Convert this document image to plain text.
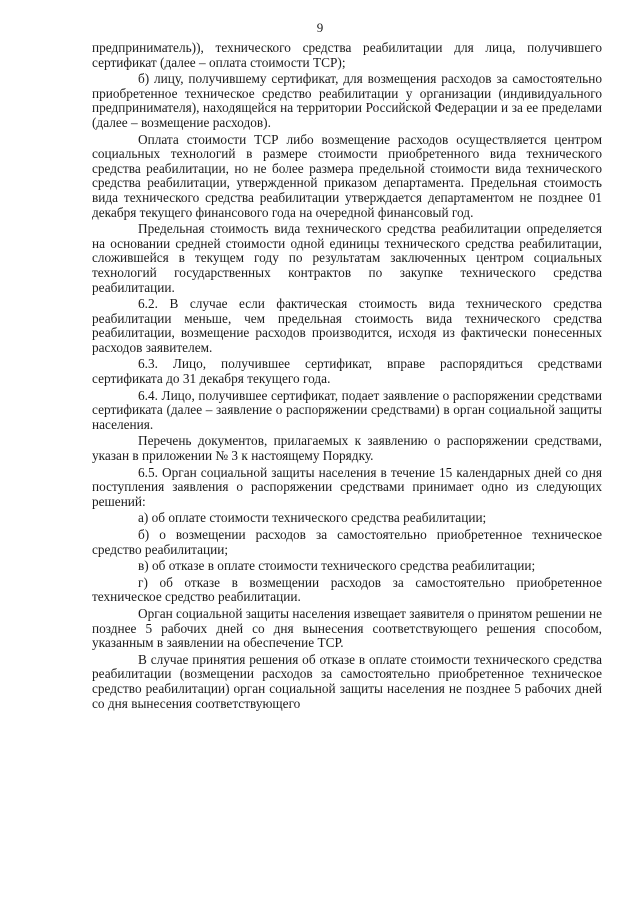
9

предприниматель)), технического средства реабилитации для лица, получившего сертификат (далее – оплата стоимости ТСР);

б) лицу, получившему сертификат, для возмещения расходов за самостоятельно приобретенное техническое средство реабилитации у организации (индивидуального предпринимателя), находящейся на территории Российской Федерации и за ее пределами (далее – возмещение расходов).

Оплата стоимости ТСР либо возмещение расходов осуществляется центром социальных технологий в размере стоимости приобретенного вида технического средства реабилитации, но не более размера предельной стоимости вида технического средства реабилитации, утвержденной приказом департамента. Предельная стоимость вида технического средства реабилитации утверждается департаментом не позднее 01 декабря текущего финансового года на очередной финансовый год.

Предельная стоимость вида технического средства реабилитации определяется на основании средней стоимости одной единицы технического средства реабилитации, сложившейся в текущем году по результатам заключенных центром социальных технологий государственных контрактов по закупке технического средства реабилитации.

6.2. В случае если фактическая стоимость вида технического средства реабилитации меньше, чем предельная стоимость вида технического средства реабилитации, возмещение расходов производится, исходя из фактически понесенных расходов заявителем.

6.3. Лицо, получившее сертификат, вправе распорядиться средствами сертификата до 31 декабря текущего года.

6.4. Лицо, получившее сертификат, подает заявление о распоряжении средствами сертификата (далее – заявление о распоряжении средствами) в орган социальной защиты населения.

Перечень документов, прилагаемых к заявлению о распоряжении средствами, указан в приложении № 3 к настоящему Порядку.

6.5. Орган социальной защиты населения в течение 15 календарных дней со дня поступления заявления о распоряжении средствами принимает одно из следующих решений:

а) об оплате стоимости технического средства реабилитации;

б) о возмещении расходов за самостоятельно приобретенное техническое средство реабилитации;

в) об отказе в оплате стоимости технического средства реабилитации;

г) об отказе в возмещении расходов за самостоятельно приобретенное техническое средство реабилитации.

Орган социальной защиты населения извещает заявителя о принятом решении не позднее 5 рабочих дней со дня вынесения соответствующего решения способом, указанным в заявлении на обеспечение ТСР.

В случае принятия решения об отказе в оплате стоимости технического средства реабилитации (возмещении расходов за самостоятельно приобретенное техническое средство реабилитации) орган социальной защиты населения не позднее 5 рабочих дней со дня вынесения соответствующего
